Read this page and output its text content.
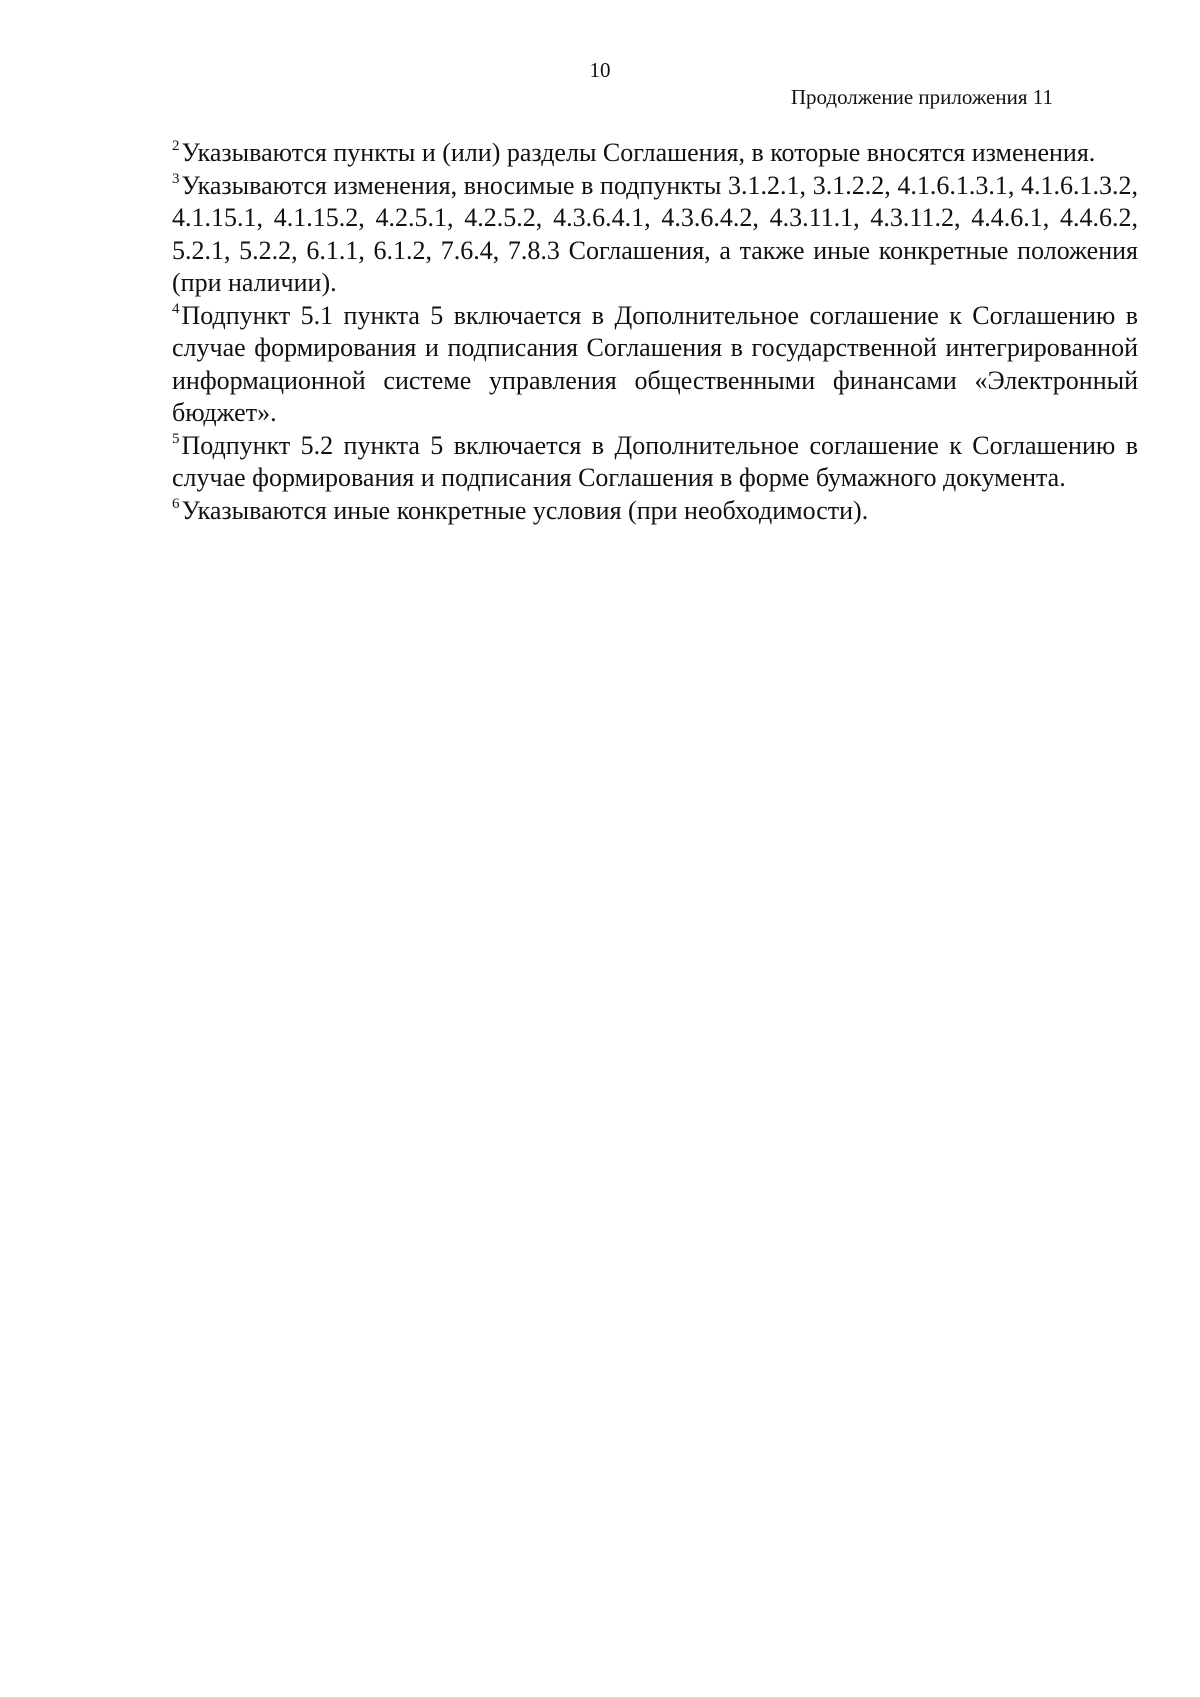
10
Продолжение приложения 11

$^2$Указываются пункты и (или) разделы Соглашения, в которые вносятся изменения.

$^3$Указываются изменения, вносимые в подпункты 3.1.2.1, 3.1.2.2, 4.1.6.1.3.1, 4.1.6.1.3.2, 4.1.15.1, 4.1.15.2, 4.2.5.1, 4.2.5.2, 4.3.6.4.1, 4.3.6.4.2, 4.3.11.1, 4.3.11.2, 4.4.6.1, 4.4.6.2, 5.2.1, 5.2.2, 6.1.1, 6.1.2, 7.6.4, 7.8.3 Соглашения, а также иные конкретные положения (при наличии).

$^4$Подпункт 5.1 пункта 5 включается в Дополнительное соглашение к Соглашению в случае формирования и подписания Соглашения в государственной интегрированной информационной системе управления общественными финансами «Электронный бюджет».

$^5$Подпункт 5.2 пункта 5 включается в Дополнительное соглашение к Соглашению в случае формирования и подписания Соглашения в форме бумажного документа.

$^6$Указываются иные конкретные условия (при необходимости).
